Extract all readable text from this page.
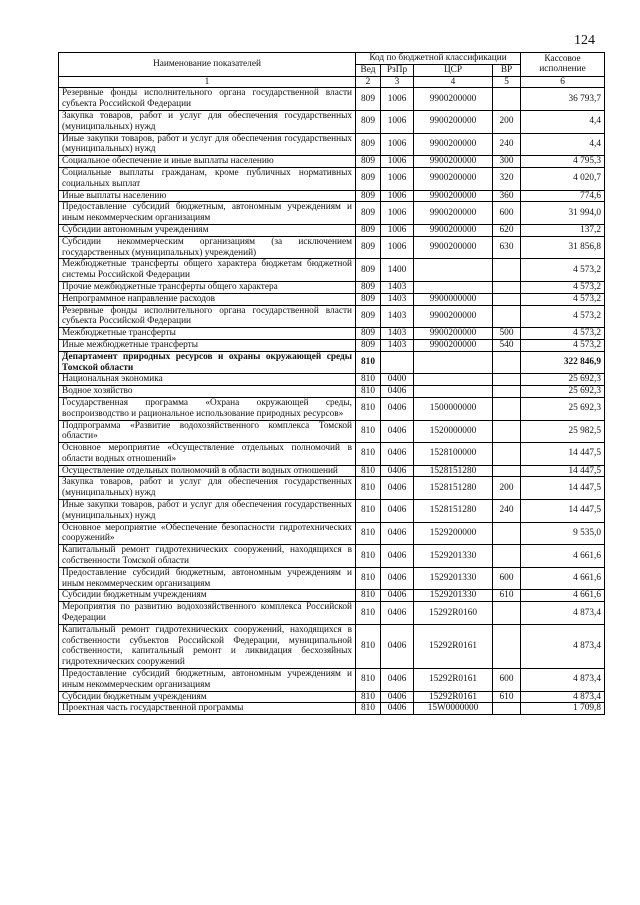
124
Наименование показателей	Код по бюджетной классификации				Кассовое исполнение
	Вед	РзПр	ЦСР	ВР	
1	2	3	4	5	6
Резервные фонды исполнительного органа государственной власти субъекта Российской Федерации	809	1006	9900200000		36 793,7
Закупка товаров, работ и услуг для обеспечения государственных (муниципальных) нужд	809	1006	9900200000	200	4,4
Иные закупки товаров, работ и услуг для обеспечения государственных (муниципальных) нужд	809	1006	9900200000	240	4,4
Социальное обеспечение и иные выплаты населению	809	1006	9900200000	300	4 795,3
Социальные выплаты гражданам, кроме публичных нормативных социальных выплат	809	1006	9900200000	320	4 020,7
Иные выплаты населению	809	1006	9900200000	360	774,6
Предоставление субсидий бюджетным, автономным учреждениям и иным некоммерческим организациям	809	1006	9900200000	600	31 994,0
Субсидии автономным учреждениям	809	1006	9900200000	620	137,2
Субсидии некоммерческим организациям (за исключением государственных (муниципальных) учреждений)	809	1006	9900200000	630	31 856,8
Межбюджетные трансферты общего характера бюджетам бюджетной системы Российской Федерации	809	1400			4 573,2
Прочие межбюджетные трансферты общего характера	809	1403			4 573,2
Непрограммное направление расходов	809	1403	9900000000		4 573,2
Резервные фонды исполнительного органа государственной власти субъекта Российской Федерации	809	1403	9900200000		4 573,2
Межбюджетные трансферты	809	1403	9900200000	500	4 573,2
Иные межбюджетные трансферты	809	1403	9900200000	540	4 573,2
Департамент природных ресурсов и охраны окружающей среды Томской области	810				322 846,9
Национальная экономика	810	0400			25 692,3
Водное хозяйство	810	0406			25 692,3
Государственная программа «Охрана окружающей среды, воспроизводство и рациональное использование природных ресурсов»	810	0406	1500000000		25 692,3
Подпрограмма «Развитие водохозяйственного комплекса Томской области»	810	0406	1520000000		25 982,5
Основное мероприятие «Осуществление отдельных полномочий в области водных отношений»	810	0406	1528100000		14 447,5
Осуществление отдельных полномочий в области водных отношений	810	0406	1528151280		14 447,5
Закупка товаров, работ и услуг для обеспечения государственных (муниципальных) нужд	810	0406	1528151280	200	14 447,5
Иные закупки товаров, работ и услуг для обеспечения государственных (муниципальных) нужд	810	0406	1528151280	240	14 447,5
Основное мероприятие «Обеспечение безопасности гидротехнических сооружений»	810	0406	1529200000		9 535,0
Капитальный ремонт гидротехнических сооружений, находящихся в собственности Томской области	810	0406	1529201330		4 661,6
Предоставление субсидий бюджетным, автономным учреждениям и иным некоммерческим организациям	810	0406	1529201330	600	4 661,6
Субсидии бюджетным учреждениям	810	0406	1529201330	610	4 661,6
Мероприятия по развитию водохозяйственного комплекса Российской Федерации	810	0406	15292R0160		4 873,4
Капитальный ремонт гидротехнических сооружений, находящихся в собственности субъектов Российской Федерации, муниципальной собственности, капитальный ремонт и ликвидация бесхозяйных гидротехнических сооружений	810	0406	15292R0161		4 873,4
Предоставление субсидий бюджетным, автономным учреждениям и иным некоммерческим организациям	810	0406	15292R0161	600	4 873,4
Субсидии бюджетным учреждениям	810	0406	15292R0161	610	4 873,4
Проектная часть государственной программы	810	0406	15W0000000		1 709,8
